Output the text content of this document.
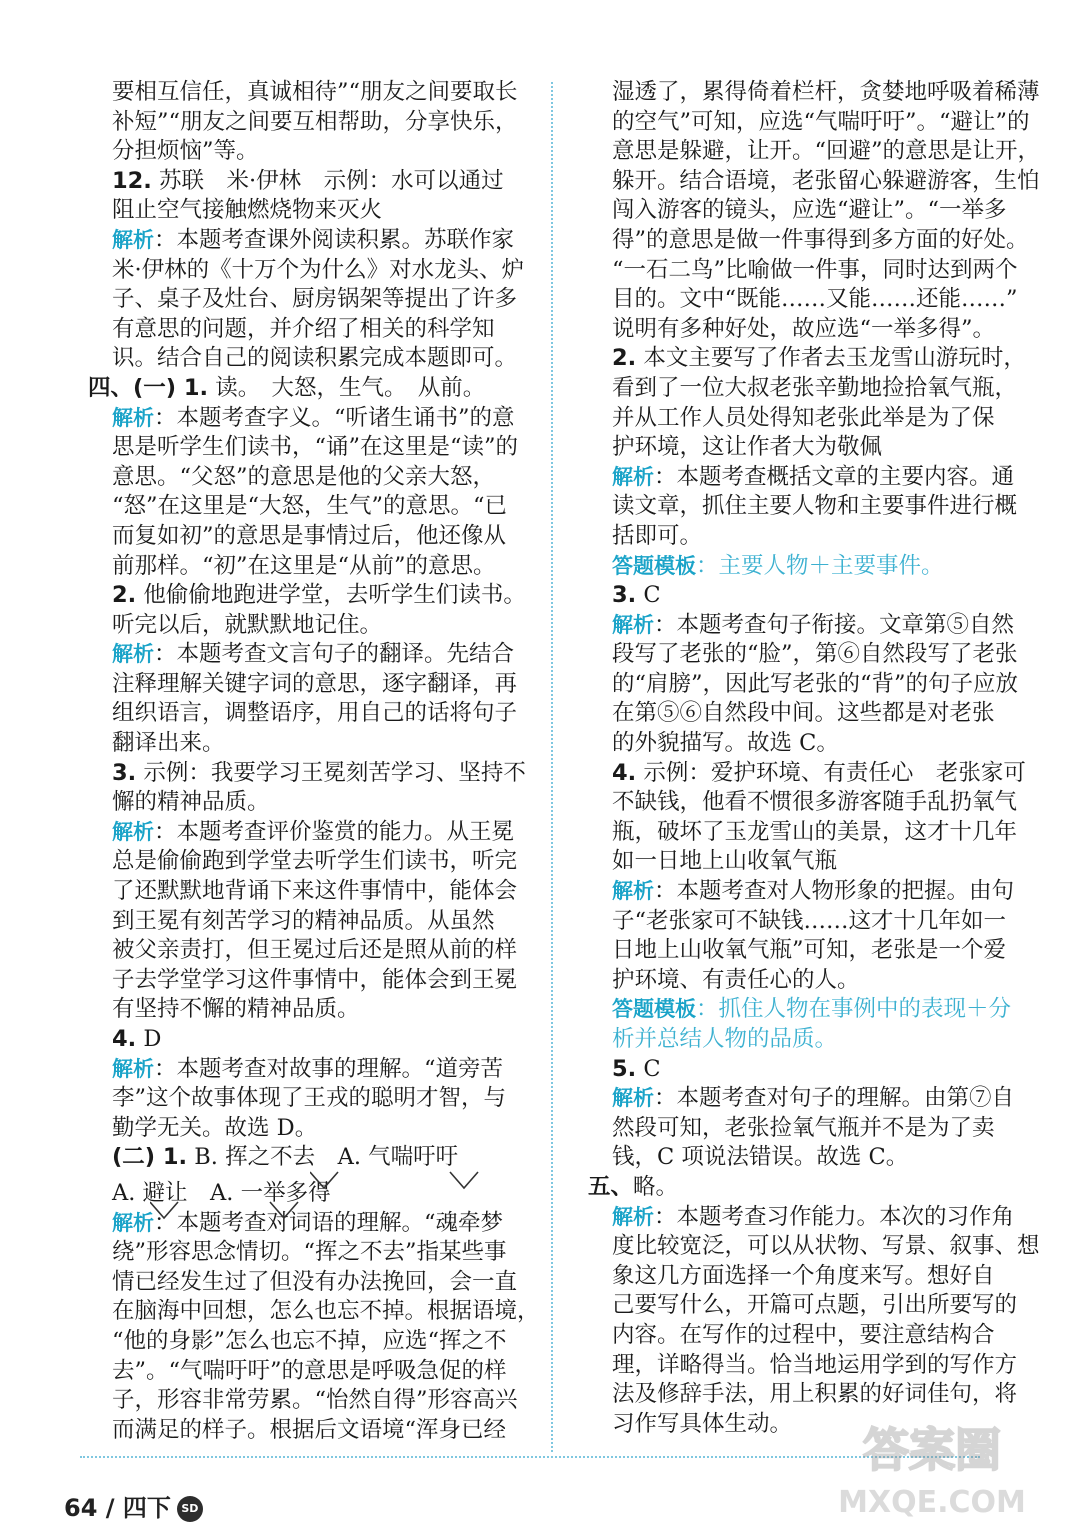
要相互信任，真诚相待”“朋友之间要取长
补短”“朋友之间要互相帮助，分享快乐，
分担烦恼”等。
12. 苏联　米·伊林　示例：水可以通过
阻止空气接触燃烧物来灭火
解析：本题考查课外阅读积累。苏联作家
米·伊林的《十万个为什么》对水龙头、炉
子、桌子及灶台、厨房锅架等提出了许多
有意思的问题，并介绍了相关的科学知
识。结合自己的阅读积累完成本题即可。
四、(一) 1. 读。　大怒，生气。　从前。
解析：本题考查字义。“听诸生诵书”的意
思是听学生们读书，“诵”在这里是“读”的
意思。“父怒”的意思是他的父亲大怒，
“怒”在这里是“大怒，生气”的意思。“已
而复如初”的意思是事情过后，他还像从
前那样。“初”在这里是“从前”的意思。
2. 他偷偷地跑进学堂，去听学生们读书。
听完以后，就默默地记住。
解析：本题考查文言句子的翻译。先结合
注释理解关键字词的意思，逐字翻译，再
组织语言，调整语序，用自己的话将句子
翻译出来。
3. 示例：我要学习王冕刻苦学习、坚持不
懈的精神品质。
解析：本题考查评价鉴赏的能力。从王冕
总是偷偷跑到学堂去听学生们读书，听完
了还默默地背诵下来这件事情中，能体会
到王冕有刻苦学习的精神品质。从虽然
被父亲责打，但王冕过后还是照从前的样
子去学堂学习这件事情中，能体会到王冕
有坚持不懈的精神品质。
4. D
解析：本题考查对故事的理解。“道旁苦
李”这个故事体现了王戎的聪明才智，与
勤学无关。故选 D。
(二) 1. B. 挥之不去　A. 气喘吁吁
A. 避让　A. 一举多得
解析：本题考查对词语的理解。“魂牵梦
绕”形容思念情切。“挥之不去”指某些事
情已经发生过了但没有办法挽回，会一直
在脑海中回想，怎么也忘不掉。根据语境，
“他的身影”怎么也忘不掉，应选“挥之不
去”。“气喘吁吁”的意思是呼吸急促的样
子，形容非常劳累。“怡然自得”形容高兴
而满足的样子。根据后文语境“浑身已经
湿透了，累得倚着栏杆，贪婪地呼吸着稀薄
的空气”可知，应选“气喘吁吁”。“避让”的
意思是躲避，让开。“回避”的意思是让开，
躲开。结合语境，老张留心躲避游客，生怕
闯入游客的镜头，应选“避让”。“一举多
得”的意思是做一件事得到多方面的好处。
“一石二鸟”比喻做一件事，同时达到两个
目的。文中“既能……又能……还能……”
说明有多种好处，故应选“一举多得”。
2. 本文主要写了作者去玉龙雪山游玩时，
看到了一位大叔老张辛勤地捡拾氧气瓶，
并从工作人员处得知老张此举是为了保
护环境，这让作者大为敬佩
解析：本题考查概括文章的主要内容。通
读文章，抓住主要人物和主要事件进行概
括即可。
答题模板：主要人物＋主要事件。
3. C
解析：本题考查句子衔接。文章第⑤自然
段写了老张的“脸”，第⑥自然段写了老张
的“肩膀”，因此写老张的“背”的句子应放
在第⑤⑥自然段中间。这些都是对老张
的外貌描写。故选 C。
4. 示例：爱护环境、有责任心　老张家可
不缺钱，他看不惯很多游客随手乱扔氧气
瓶，破坏了玉龙雪山的美景，这才十几年
如一日地上山收氧气瓶
解析：本题考查对人物形象的把握。由句
子“老张家可不缺钱……这才十几年如一
日地上山收氧气瓶”可知，老张是一个爱
护环境、有责任心的人。
答题模板：抓住人物在事例中的表现＋分
析并总结人物的品质。
5. C
解析：本题考查对句子的理解。由第⑦自
然段可知，老张捡氧气瓶并不是为了卖
钱，C 项说法错误。故选 C。
五、略。
解析：本题考查习作能力。本次的习作角
度比较宽泛，可以从状物、写景、叙事、想
象这几方面选择一个角度来写。想好自
己要写什么，开篇可点题，引出所要写的
内容。在写作的过程中，要注意结构合
理，详略得当。恰当地运用学到的写作方
法及修辞手法，用上积累的好词佳句，将
习作写具体生动。
64 / 四下 SD
答案圈
MXQE.COM
